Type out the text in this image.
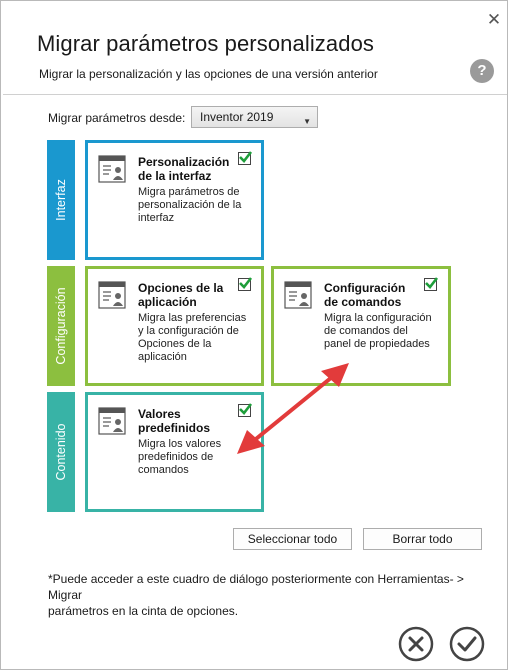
✕
Migrar parámetros personalizados
Migrar la personalización y las opciones de una versión anterior	?
Migrar parámetros desde:	Inventor 2019	▼
Interfaz
Configuración
Contenido
Personalización
de la interfaz
Migra parámetros de
personalización de la
interfaz
Opciones de la
aplicación
Migra las preferencias
y la configuración de
Opciones de la
aplicación
Configuración
de comandos
Migra la configuración
de comandos del
panel de propiedades
Valores
predefinidos
Migra los valores
predefinidos de
comandos
Seleccionar todo	Borrar todo
*Puede acceder a este cuadro de diálogo posteriormente con Herramientas- > Migrar
parámetros en la cinta de opciones.
